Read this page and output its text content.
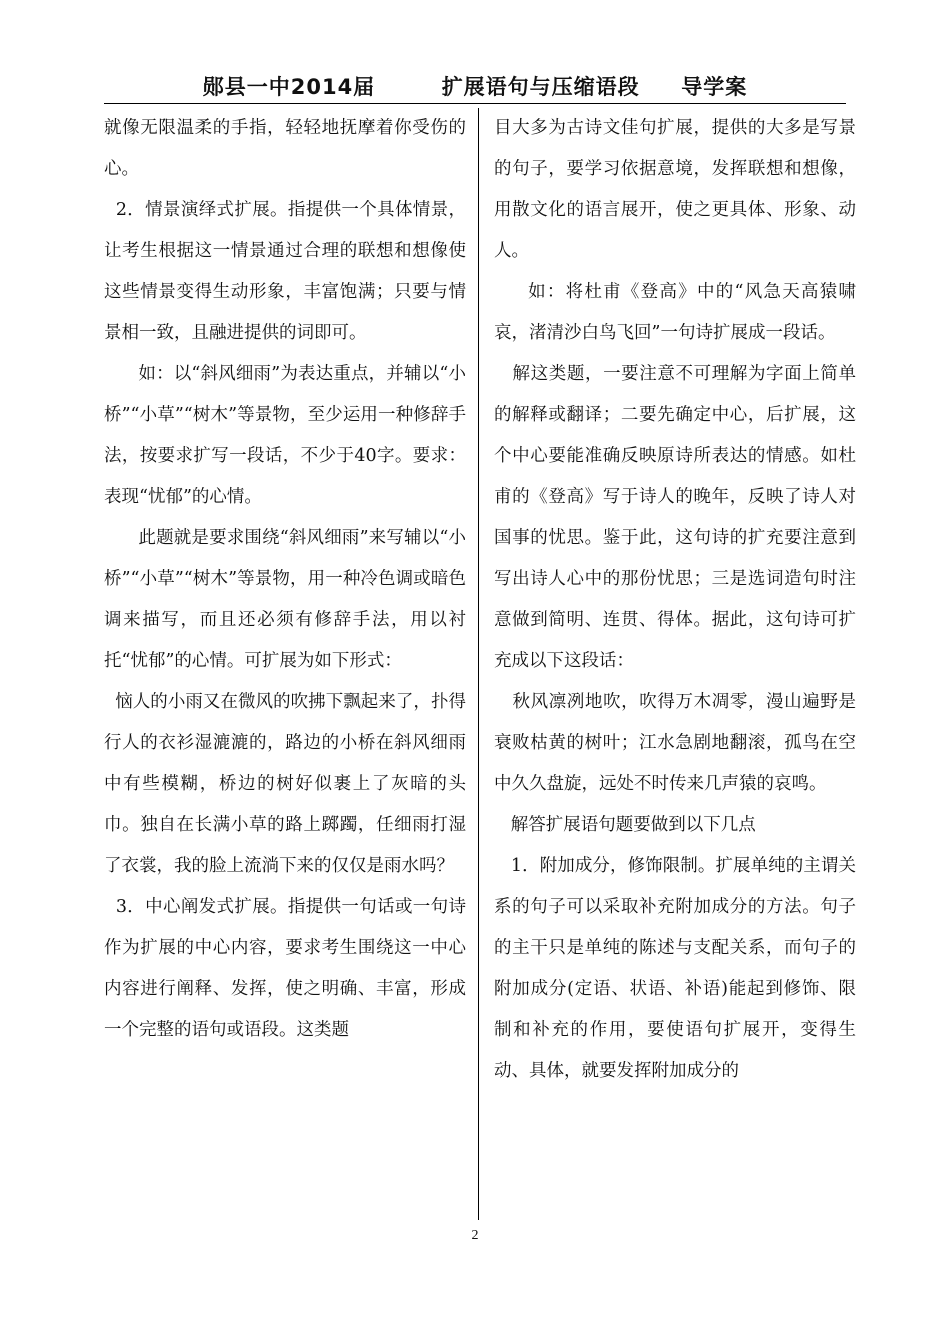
郧县一中2014届
	扩展语句与压缩语段
导学案

就像无限温柔的手指，轻轻地抚摩着你受伤的心。

2．情景演绎式扩展。指提供一个具体情景，让考生根据这一情景通过合理的联想和想像使这些情景变得生动形象，丰富饱满；只要与情景相一致，且融进提供的词即可。

如：以“斜风细雨”为表达重点，并辅以“小桥”“小草”“树木”等景物，至少运用一种修辞手法，按要求扩写一段话，不少于40字。要求：表现“忧郁”的心情。

此题就是要求围绕“斜风细雨”来写辅以“小桥”“小草”“树木”等景物，用一种冷色调或暗色调来描写，而且还必须有修辞手法，用以衬托“忧郁”的心情。可扩展为如下形式：

恼人的小雨又在微风的吹拂下飘起来了，扑得行人的衣衫湿漉漉的，路边的小桥在斜风细雨中有些模糊，桥边的树好似裹上了灰暗的头巾。独自在长满小草的路上踯躅，任细雨打湿了衣裳，我的脸上流淌下来的仅仅是雨水吗？

3．中心阐发式扩展。指提供一句话或一句诗作为扩展的中心内容，要求考生围绕这一中心内容进行阐释、发挥，使之明确、丰富，形成一个完整的语句或语段。这类题

目大多为古诗文佳句扩展，提供的大多是写景的句子，要学习依据意境，发挥联想和想像，用散文化的语言展开，使之更具体、形象、动人。

如：将杜甫《登高》中的“风急天高猿啸哀，渚清沙白鸟飞回”一句诗扩展成一段话。

解这类题，一要注意不可理解为字面上简单的解释或翻译；二要先确定中心，后扩展，这个中心要能准确反映原诗所表达的情感。如杜甫的《登高》写于诗人的晚年，反映了诗人对国事的忧思。鉴于此，这句诗的扩充要注意到写出诗人心中的那份忧思；三是选词造句时注意做到简明、连贯、得体。据此，这句诗可扩充成以下这段话：

秋风凛冽地吹，吹得万木凋零，漫山遍野是衰败枯黄的树叶；江水急剧地翻滚，孤鸟在空中久久盘旋，远处不时传来几声猿的哀鸣。

解答扩展语句题要做到以下几点

1．附加成分，修饰限制。扩展单纯的主谓关系的句子可以采取补充附加成分的方法。句子的主干只是单纯的陈述与支配关系，而句子的附加成分(定语、状语、补语)能起到修饰、限制和补充的作用，要使语句扩展开，变得生动、具体，就要发挥附加成分的

2
